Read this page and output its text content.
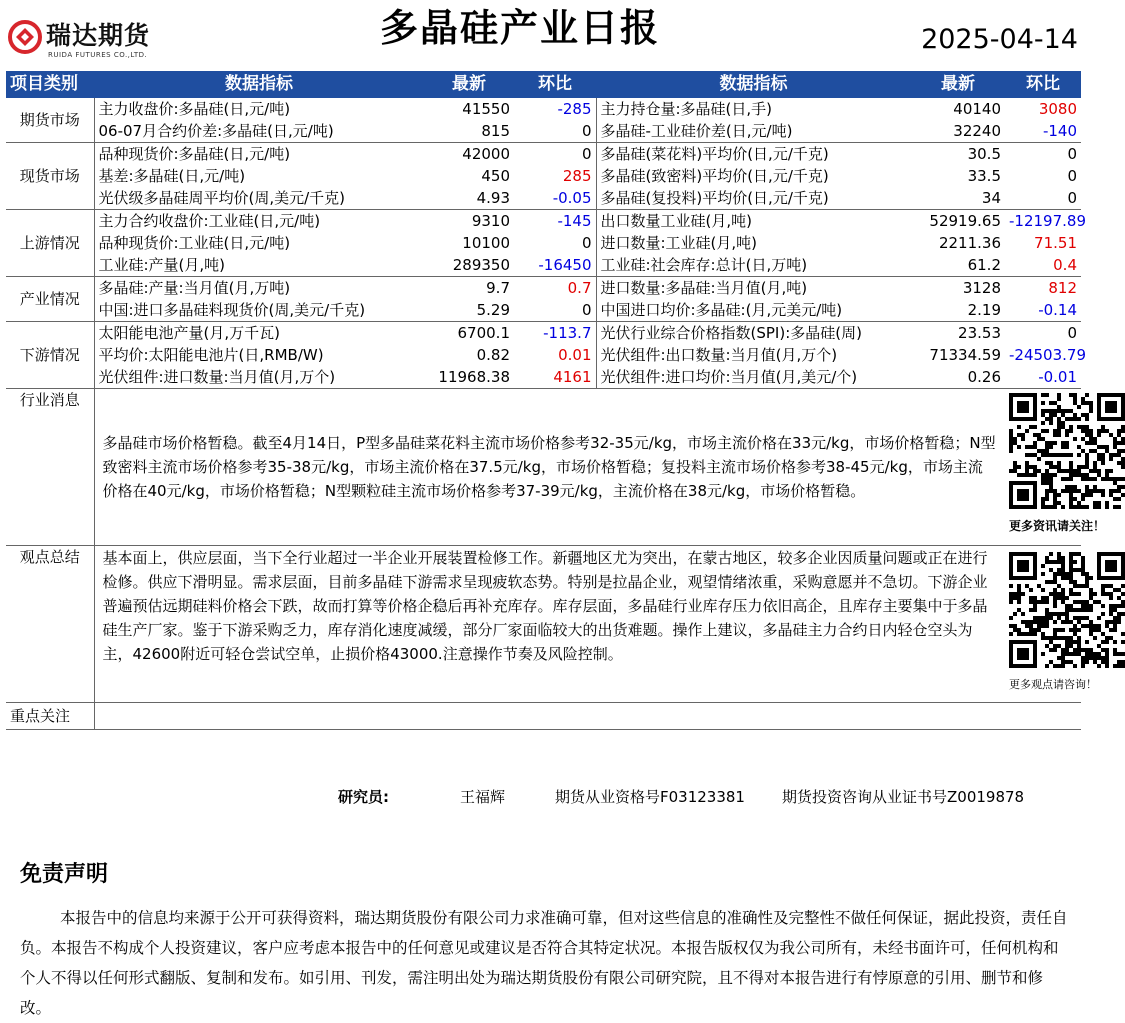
瑞达期货
RUIDA FUTURES CO.,LTD.
多晶硅产业日报	2025-04-14
项目类别	数据指标	最新	环比	数据指标	最新	环比
期货市场	主力收盘价:多晶硅(日,元/吨)	41550	-285	主力持仓量:多晶硅(日,手)	40140	3080
	06-07月合约价差:多晶硅(日,元/吨)	815	0	多晶硅-工业硅价差(日,元/吨)	32240	-140
现货市场	品种现货价:多晶硅(日,元/吨)	42000	0	多晶硅(菜花料)平均价(日,元/千克)	30.5	0
	基差:多晶硅(日,元/吨)	450	285	多晶硅(致密料)平均价(日,元/千克)	33.5	0
	光伏级多晶硅周平均价(周,美元/千克)	4.93	-0.05	多晶硅(复投料)平均价(日,元/千克)	34	0
上游情况	主力合约收盘价:工业硅(日,元/吨)	9310	-145	出口数量工业硅(月,吨)	52919.65	-12197.89
	品种现货价:工业硅(日,元/吨)	10100	0	进口数量:工业硅(月,吨)	2211.36	71.51
	工业硅:产量(月,吨)	289350	-16450	工业硅:社会库存:总计(日,万吨)	61.2	0.4
产业情况	多晶硅:产量:当月值(月,万吨)	9.7	0.7	进口数量:多晶硅:当月值(月,吨)	3128	812
	中国:进口多晶硅料现货价(周,美元/千克)	5.29	0	中国进口均价:多晶硅:(月,元美元/吨)	2.19	-0.14
下游情况	太阳能电池产量(月,万千瓦)	6700.1	-113.7	光伏行业综合价格指数(SPI):多晶硅(周)	23.53	0
	平均价:太阳能电池片(日,RMB/W)	0.82	0.01	光伏组件:出口数量:当月值(月,万个)	71334.59	-24503.79
	光伏组件:进口数量:当月值(月,万个)	11968.38	4161	光伏组件:进口均价:当月值(月,美元/个)	0.26	-0.01
行业消息	多晶硅市场价格暂稳。截至4月14日，P型多晶硅菜花料主流市场价格参考32-35元/kg，市场主流价格在33元/kg，市场价格暂稳；N型致密料主流市场价格参考35-38元/kg，市场主流价格在37.5元/kg，市场价格暂稳；复投料主流市场价格参考38-45元/kg，市场主流价格在40元/kg，市场价格暂稳；N型颗粒硅主流市场价格参考37-39元/kg，主流价格在38元/kg，市场价格暂稳。					更多资讯请关注！

观点总结	基本面上，供应层面，当下全行业超过一半企业开展装置检修工作。新疆地区尤为突出，在蒙古地区，较多企业因质量问题或正在进行检修。供应下滑明显。需求层面，目前多晶硅下游需求呈现疲软态势。特别是拉晶企业，观望情绪浓重，采购意愿并不急切。下游企业普遍预估远期硅料价格会下跌，故而打算等价格企稳后再补充库存。库存层面，多晶硅行业库存压力依旧高企，且库存主要集中于多晶硅生产厂家。鉴于下游采购乏力，库存消化速度减缓，部分厂家面临较大的出货难题。操作上建议，多晶硅主力合约日内轻仓空头为主，42600附近可轻仓尝试空单，止损价格43000.注意操作节奏及风险控制。					更多观点请咨询！

重点关注						
研究员:	王福辉	期货从业资格号F03123381 期货投资咨询从业证书号Z0019878
免责声明
本报告中的信息均来源于公开可获得资料，瑞达期货股份有限公司力求准确可靠，但对这些信息的准确性及完整性不做任何保证，据此投资，责任自负。本报告不构成个人投资建议，客户应考虑本报告中的任何意见或建议是否符合其特定状况。本报告版权仅为我公司所有，未经书面许可，任何机构和个人不得以任何形式翻版、复制和发布。如引用、刊发，需注明出处为瑞达期货股份有限公司研究院，且不得对本报告进行有悖原意的引用、删节和修改。
